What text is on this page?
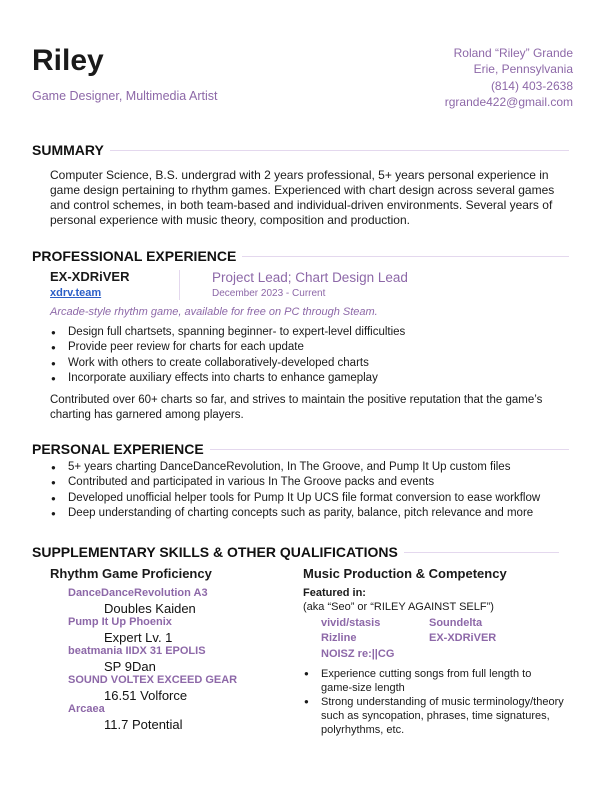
Riley
Game Designer, Multimedia Artist
Roland “Riley” Grande
Erie, Pennsylvania
(814) 403-2638
rgrande422@gmail.com
SUMMARY

Computer Science, B.S. undergrad with 2 years professional, 5+ years personal experience in game design pertaining to rhythm games. Experienced with chart design across several games and control schemes, in both team-based and individual-driven environments. Several years of personal experience with music theory, composition and production.

PROFESSIONAL EXPERIENCE
EX-XDRiVER
xdrv.team
Project Lead; Chart Design Lead
December 2023 - Current
Arcade-style rhythm game, available for free on PC through Steam.
● Design full chartsets, spanning beginner- to expert-level difficulties
● Provide peer review for charts for each update
● Work with others to create collaboratively-developed charts
● Incorporate auxiliary effects into charts to enhance gameplay

Contributed over 60+ charts so far, and strives to maintain the positive reputation that the game’s charting has garnered among players.

PERSONAL EXPERIENCE
● 5+ years charting DanceDanceRevolution, In The Groove, and Pump It Up custom files
● Contributed and participated in various In The Groove packs and events
● Developed unofficial helper tools for Pump It Up UCS file format conversion to ease workflow
● Deep understanding of charting concepts such as parity, balance, pitch relevance and more
SUPPLEMENTARY SKILLS & OTHER QUALIFICATIONS
Rhythm Game Proficiency
DanceDanceRevolution A3
Doubles Kaiden
Pump It Up Phoenix
Expert Lv. 1
beatmania IIDX 31 EPOLIS
SP 9Dan
SOUND VOLTEX EXCEED GEAR
16.51 Volforce
Arcaea
11.7 Potential
Music Production & Competency
Featured in:
(aka “Seo” or “RILEY AGAINST SELF”)
vivid/stasis	Soundelta
Rizline	EX-XDRiVER
NOISZ re:||CG
● Experience cutting songs from full length to game-size length
● Strong understanding of music terminology/theory such as syncopation, phrases, time signatures, polyrhythms, etc.
